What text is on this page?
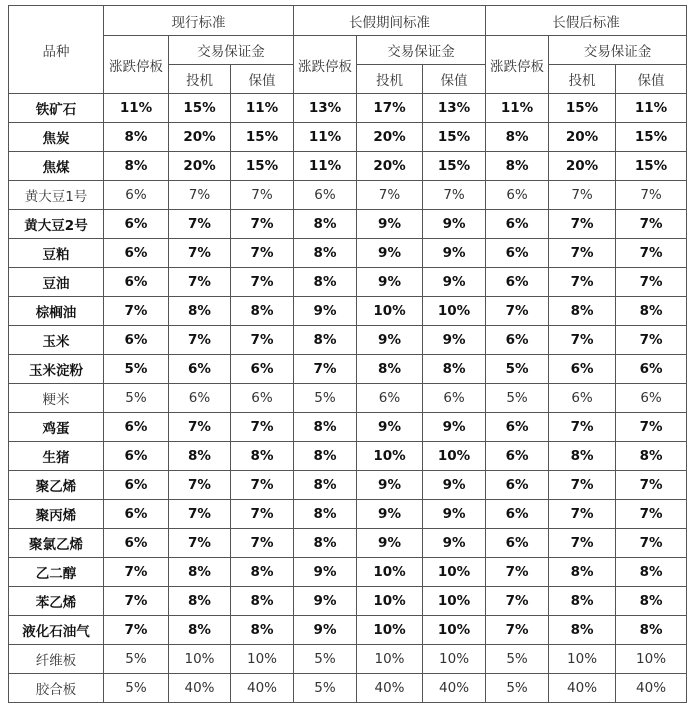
品种	现行标准			长假期间标准			长假后标准		
	涨跌停板	交易保证金		涨跌停板	交易保证金		涨跌停板	交易保证金	
		投机	保值		投机	保值		投机	保值
铁矿石	11%	15%	11%	13%	17%	13%	11%	15%	11%
焦炭	8%	20%	15%	11%	20%	15%	8%	20%	15%
焦煤	8%	20%	15%	11%	20%	15%	8%	20%	15%
黄大豆1号	6%	7%	7%	6%	7%	7%	6%	7%	7%
黄大豆2号	6%	7%	7%	8%	9%	9%	6%	7%	7%
豆粕	6%	7%	7%	8%	9%	9%	6%	7%	7%
豆油	6%	7%	7%	8%	9%	9%	6%	7%	7%
棕榈油	7%	8%	8%	9%	10%	10%	7%	8%	8%
玉米	6%	7%	7%	8%	9%	9%	6%	7%	7%
玉米淀粉	5%	6%	6%	7%	8%	8%	5%	6%	6%
粳米	5%	6%	6%	5%	6%	6%	5%	6%	6%
鸡蛋	6%	7%	7%	8%	9%	9%	6%	7%	7%
生猪	6%	8%	8%	8%	10%	10%	6%	8%	8%
聚乙烯	6%	7%	7%	8%	9%	9%	6%	7%	7%
聚丙烯	6%	7%	7%	8%	9%	9%	6%	7%	7%
聚氯乙烯	6%	7%	7%	8%	9%	9%	6%	7%	7%
乙二醇	7%	8%	8%	9%	10%	10%	7%	8%	8%
苯乙烯	7%	8%	8%	9%	10%	10%	7%	8%	8%
液化石油气	7%	8%	8%	9%	10%	10%	7%	8%	8%
纤维板	5%	10%	10%	5%	10%	10%	5%	10%	10%
胶合板	5%	40%	40%	5%	40%	40%	5%	40%	40%
